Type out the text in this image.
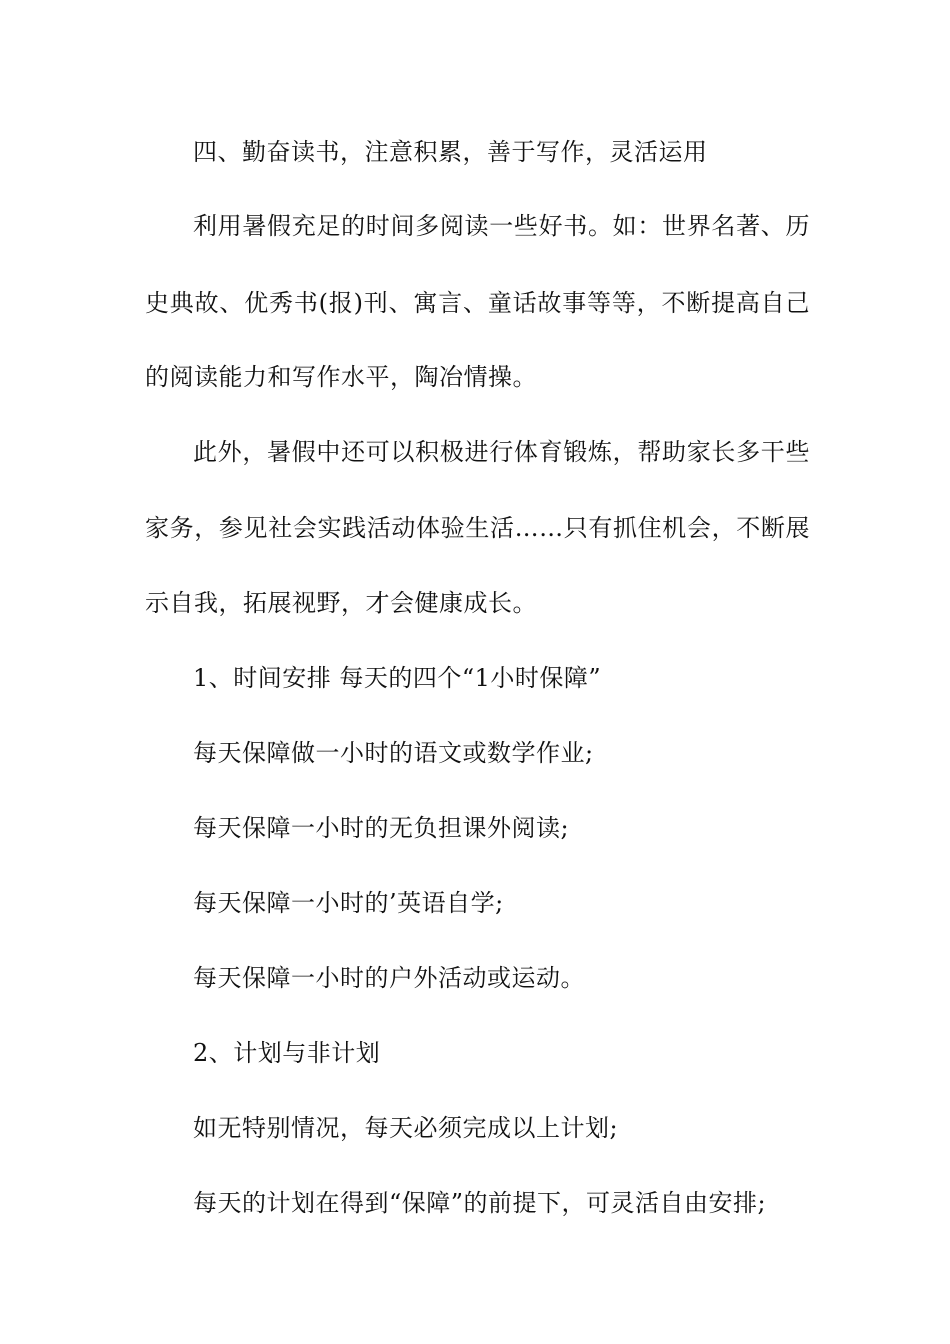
四、勤奋读书，注意积累，善于写作，灵活运用
利用暑假充足的时间多阅读一些好书。如：世界名著、历
史典故、优秀书(报)刊、寓言、童话故事等等，不断提高自己
的阅读能力和写作水平，陶冶情操。
此外，暑假中还可以积极进行体育锻炼，帮助家长多干些
家务，参见社会实践活动体验生活……只有抓住机会，不断展
示自我，拓展视野，才会健康成长。
1、时间安排 每天的四个“1小时保障”
每天保障做一小时的语文或数学作业;
每天保障一小时的无负担课外阅读;
每天保障一小时的’英语自学;
每天保障一小时的户外活动或运动。
2、计划与非计划
如无特别情况，每天必须完成以上计划;
每天的计划在得到“保障”的前提下，可灵活自由安排;
